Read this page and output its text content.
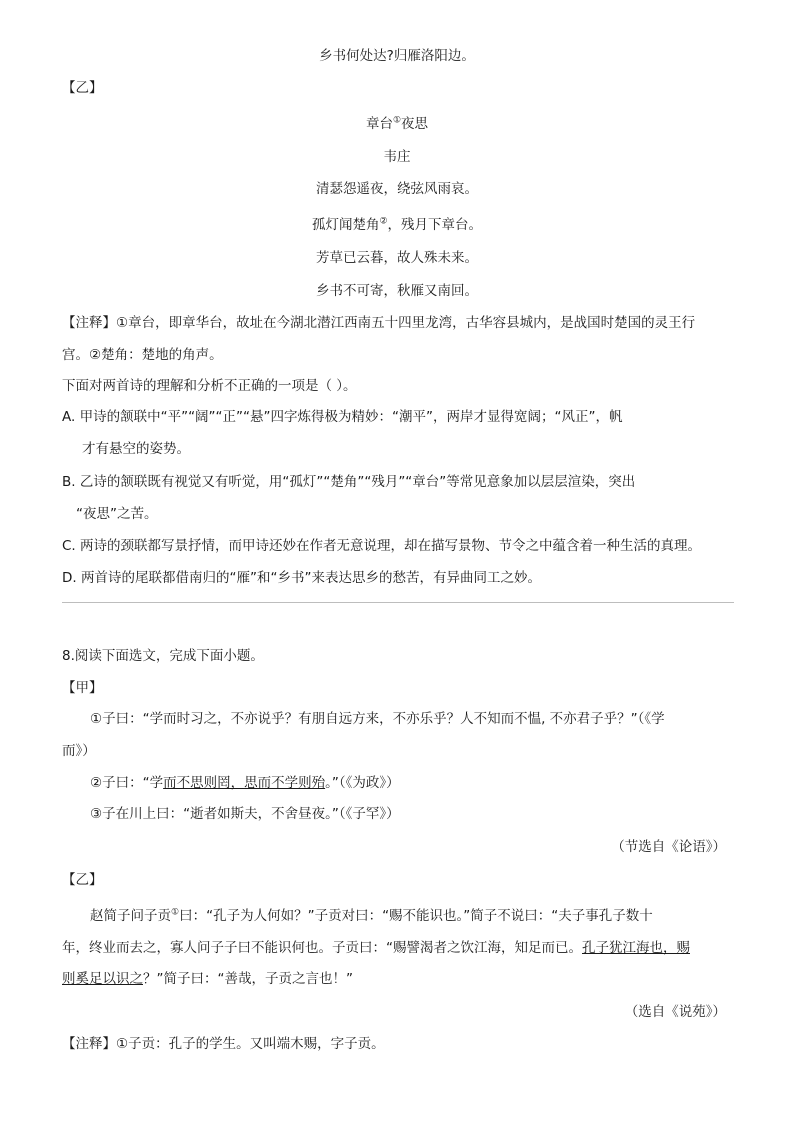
乡书何处达?归雁洛阳边。
【乙】
章台①夜思
韦庄
清瑟怨遥夜，绕弦风雨哀。
孤灯闻楚角②，残月下章台。
芳草已云暮，故人殊未来。
乡书不可寄，秋雁又南回。
【注释】①章台，即章华台，故址在今湖北潜江西南五十四里龙湾，古华容县城内，是战国时楚国的灵王行
宫。②楚角：楚地的角声。
下面对两首诗的理解和分析不正确的一项是（ ）。
A. 甲诗的颔联中“平”“阔”“正”“悬”四字炼得极为精妙：“潮平”，两岸才显得宽阔；“风正”，帆
才有悬空的姿势。
B. 乙诗的颔联既有视觉又有听觉，用“孤灯”“楚角”“残月”“章台”等常见意象加以层层渲染，突出
“夜思”之苦。
C. 两诗的颈联都写景抒情，而甲诗还妙在作者无意说理，却在描写景物、节令之中蕴含着一种生活的真理。
D. 两首诗的尾联都借南归的“雁”和“乡书”来表达思乡的愁苦，有异曲同工之妙。
8.阅读下面选文，完成下面小题。
【甲】
①子曰：“学而时习之，不亦说乎？有朋自远方来，不亦乐乎？人不知而不愠, 不亦君子乎？”（《学
而》）
②子曰：“学而不思则罔，思而不学则殆。”（《为政》）
③子在川上曰：“逝者如斯夫，不舍昼夜。”（《子罕》）
（节选自《论语》）
【乙】
赵简子问子贡①曰：“孔子为人何如？”子贡对曰：“赐不能识也。”简子不说曰：“夫子事孔子数十
年，终业而去之，寡人问子子曰不能识何也。子贡曰：“赐譬渴者之饮江海，知足而已。孔子犹江海也，赐
则奚足以识之？”简子曰：“善哉，子贡之言也！”
（选自《说苑》）
【注释】①子贡：孔子的学生。又叫端木赐，字子贡。
